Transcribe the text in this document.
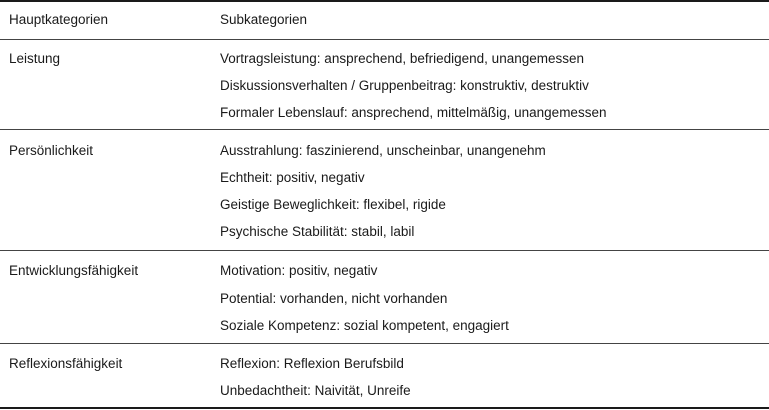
Hauptkategorien	Subkategorien
Leistung	Vortragsleistung: ansprechend, befriedigend, unangemessen
Diskussionsverhalten / Gruppenbeitrag: konstruktiv, destruktiv
Formaler Lebenslauf: ansprechend, mittelmäßig, unangemessen
Persönlichkeit	Ausstrahlung: faszinierend, unscheinbar, unangenehm
Echtheit: positiv, negativ
Geistige Beweglichkeit: flexibel, rigide
Psychische Stabilität: stabil, labil
Entwicklungsfähigkeit	Motivation: positiv, negativ
Potential: vorhanden, nicht vorhanden
Soziale Kompetenz: sozial kompetent, engagiert
Reflexionsfähigkeit	Reflexion: Reflexion Berufsbild
Unbedachtheit: Naivität, Unreife
